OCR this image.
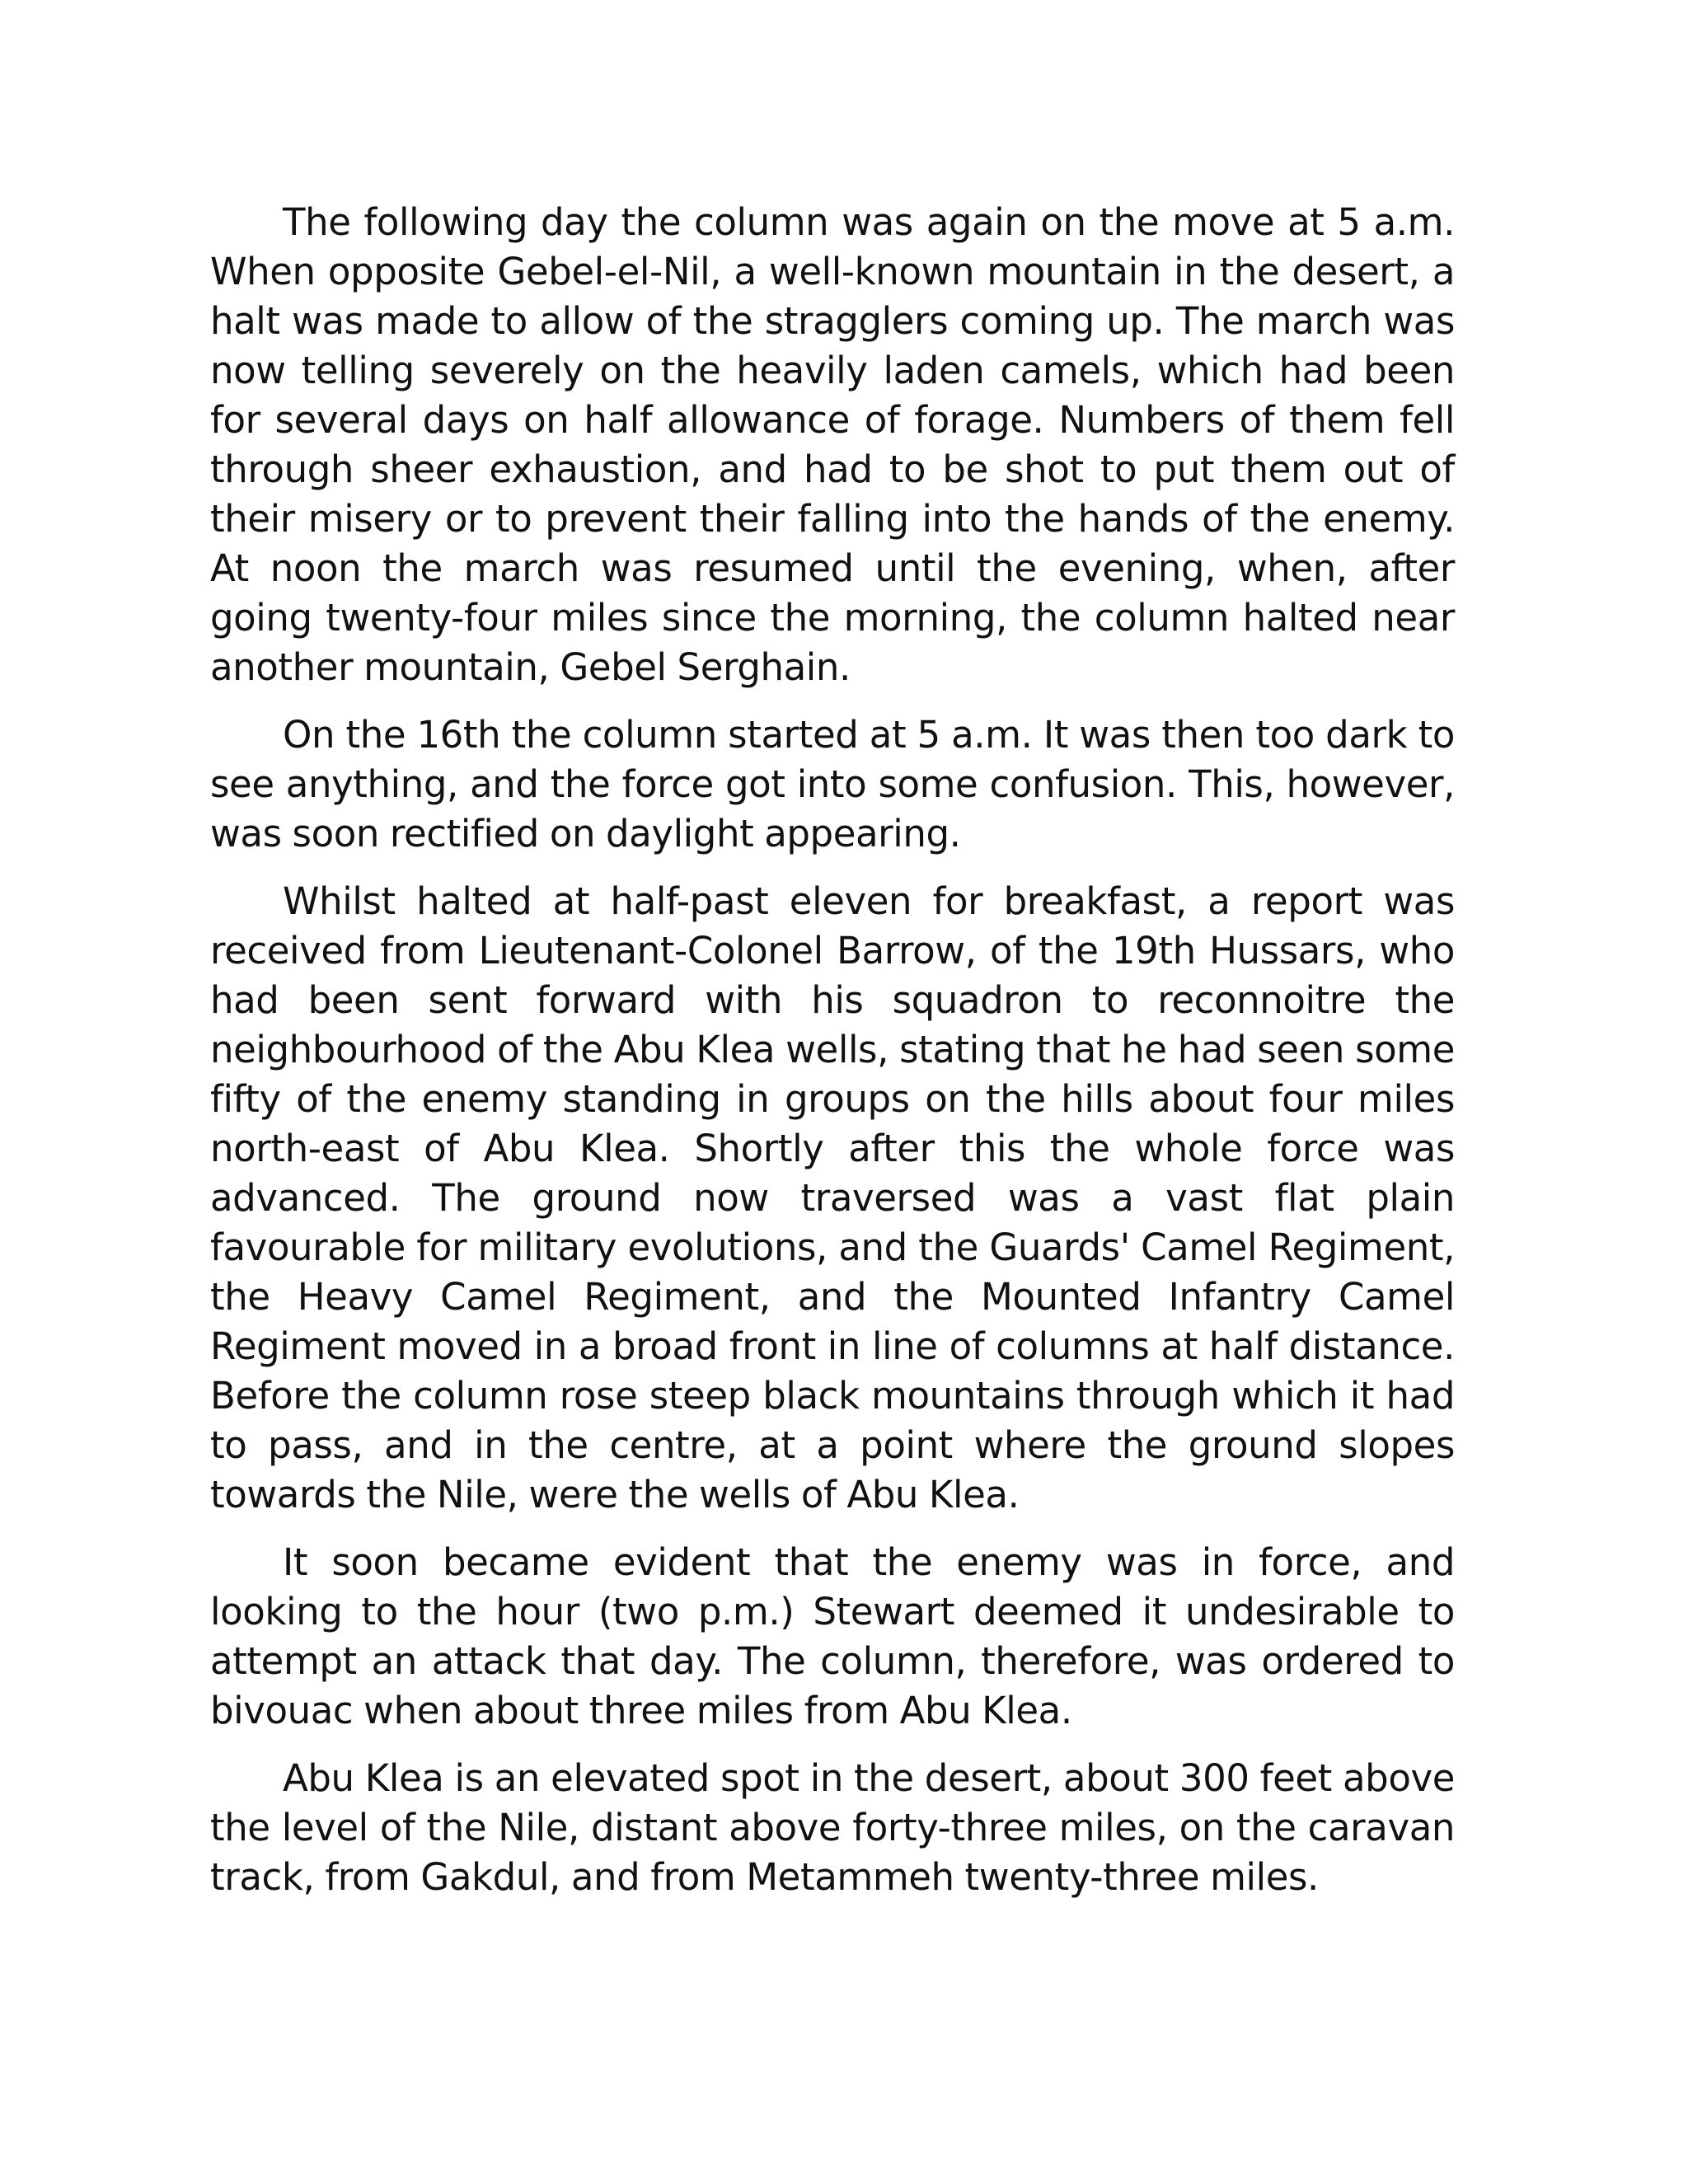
The following day the column was again on the move at 5 a.m. When opposite Gebel-el-Nil, a well-known mountain in the desert, a halt was made to allow of the stragglers coming up. The march was now telling severely on the heavily laden camels, which had been for several days on half allowance of forage. Numbers of them fell through sheer exhaustion, and had to be shot to put them out of their misery or to prevent their falling into the hands of the enemy. At noon the march was resumed until the evening, when, after going twenty-four miles since the morning, the column halted near another mountain, Gebel Serghain.

On the 16th the column started at 5 a.m. It was then too dark to see anything, and the force got into some confusion. This, however, was soon rectified on daylight appearing.

Whilst halted at half-past eleven for breakfast, a report was received from Lieutenant-Colonel Barrow, of the 19th Hussars, who had been sent forward with his squadron to reconnoitre the neighbourhood of the Abu Klea wells, stating that he had seen some fifty of the enemy standing in groups on the hills about four miles north-east of Abu Klea. Shortly after this the whole force was advanced. The ground now traversed was a vast flat plain favourable for military evolutions, and the Guards' Camel Regiment, the Heavy Camel Regiment, and the Mounted Infantry Camel Regiment moved in a broad front in line of columns at half distance. Before the column rose steep black mountains through which it had to pass, and in the centre, at a point where the ground slopes towards the Nile, were the wells of Abu Klea.

It soon became evident that the enemy was in force, and looking to the hour (two p.m.) Stewart deemed it undesirable to attempt an attack that day. The column, therefore, was ordered to bivouac when about three miles from Abu Klea.

Abu Klea is an elevated spot in the desert, about 300 feet above the level of the Nile, distant above forty-three miles, on the caravan track, from Gakdul, and from Metammeh twenty-three miles.
